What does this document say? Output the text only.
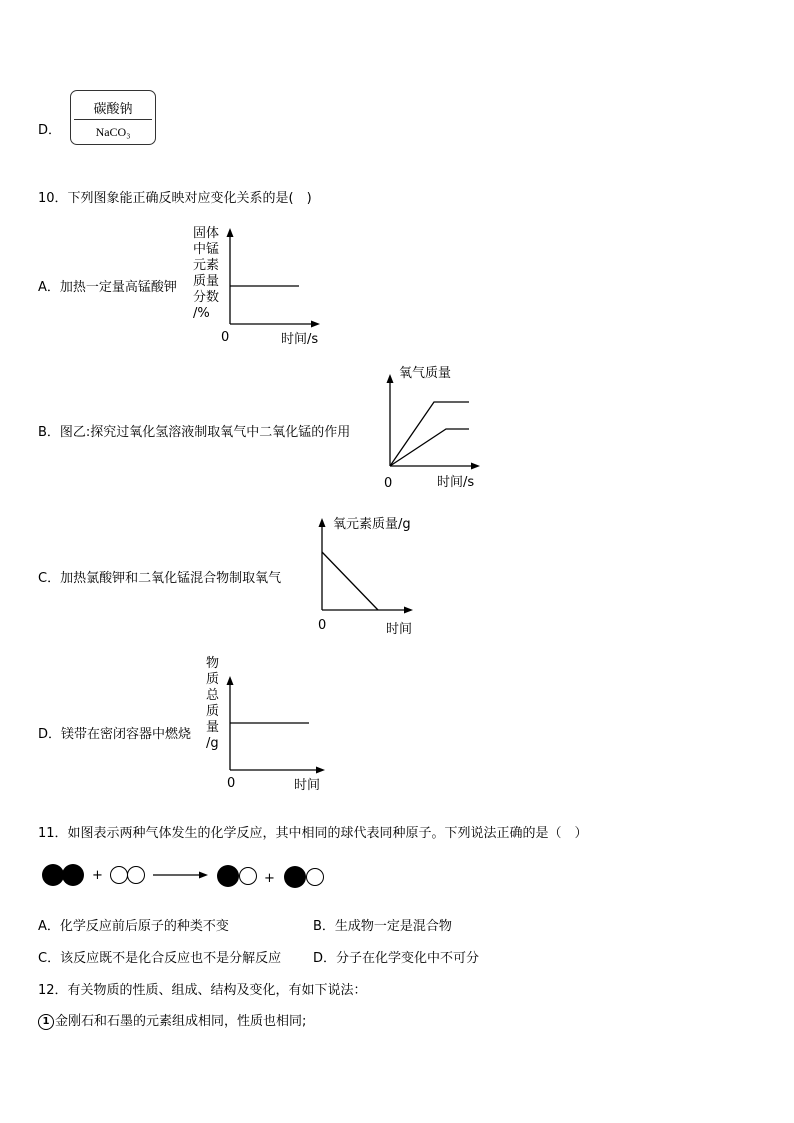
D．
碳酸钠
NaCO₃
10．下列图象能正确反映对应变化关系的是(　)
A．加热一定量高锰酸钾
固体
中锰
元素
质量
分数
/%
0	时间/s
B．图乙:探究过氧化氢溶液制取氧气中二氧化锰的作用
氧气质量
0	时间/s
C．加热氯酸钾和二氧化锰混合物制取氧气
氧元素质量/g
0	时间
D．镁带在密闭容器中燃烧
物
质
总
质
量
/g
0	时间
11．如图表示两种气体发生的化学反应，其中相同的球代表同种原子。下列说法正确的是（　）
+	+
A．化学反应前后原子的种类不变	B．生成物一定是混合物
C．该反应既不是化合反应也不是分解反应 D．分子在化学变化中不可分
12．有关物质的性质、组成、结构及变化，有如下说法：
1 金刚石和石墨的元素组成相同，性质也相同;
